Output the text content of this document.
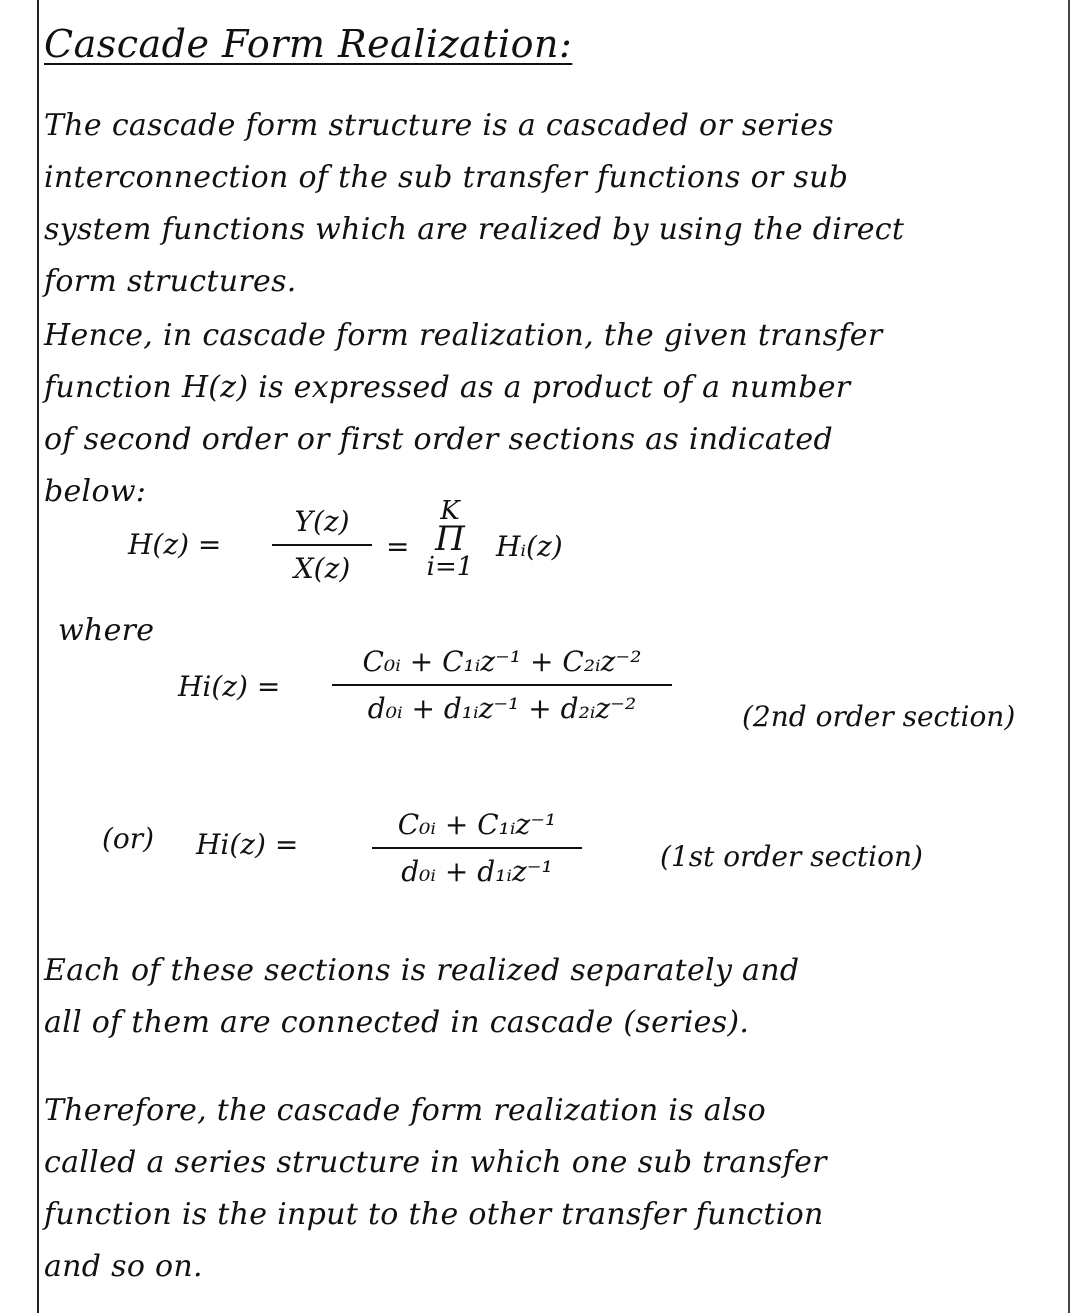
Cascade Form Realization:
The cascade form structure is a cascaded or series
interconnection of the sub transfer functions or sub
system functions which are realized by using the direct
form structures.
Hence, in cascade form realization, the given transfer
function H(z) is expressed as a product of a number
of second order or first order sections as indicated
below:
H(z) =
Y(z)
X(z)
=
K
Π
i=1
Hᵢ(z)
where
Hi(z) =
C₀ᵢ + C₁ᵢz⁻¹ + C₂ᵢz⁻²
d₀ᵢ + d₁ᵢz⁻¹ + d₂ᵢz⁻²	(2nd order section)
(or) Hi(z) =
C₀ᵢ + C₁ᵢz⁻¹
d₀ᵢ + d₁ᵢz⁻¹	(1st order section)
Each of these sections is realized separately and
all of them are connected in cascade (series).
Therefore, the cascade form realization is also
called a series structure in which one sub transfer
function is the input to the other transfer function
and so on.
